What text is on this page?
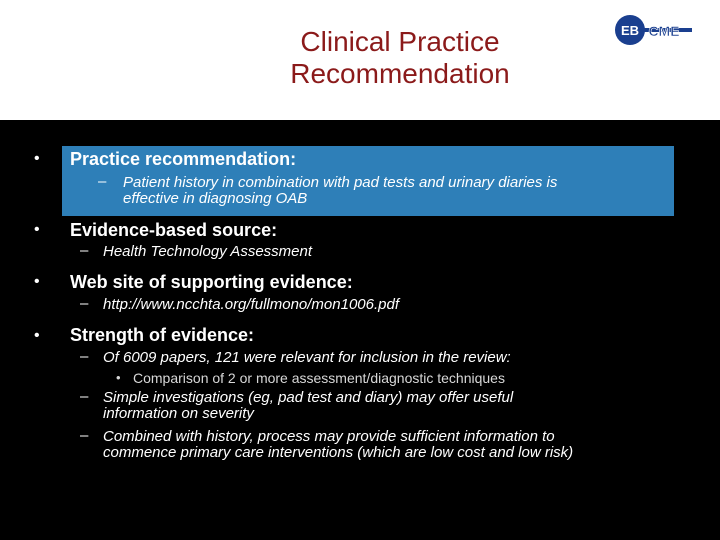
Clinical Practice
Recommendation
EB CME
• Practice recommendation:
– Patient history in combination with pad tests and urinary diaries is
effective in diagnosing OAB
• Evidence-based source:
– Health Technology Assessment
• Web site of supporting evidence:
– http://www.ncchta.org/fullmono/mon1006.pdf
• Strength of evidence:
– Of 6009 papers, 121 were relevant for inclusion in the review:
• Comparison of 2 or more assessment/diagnostic techniques
– Simple investigations (eg, pad test and diary) may offer useful
information on severity
– Combined with history, process may provide sufficient information to
commence primary care interventions (which are low cost and low risk)
